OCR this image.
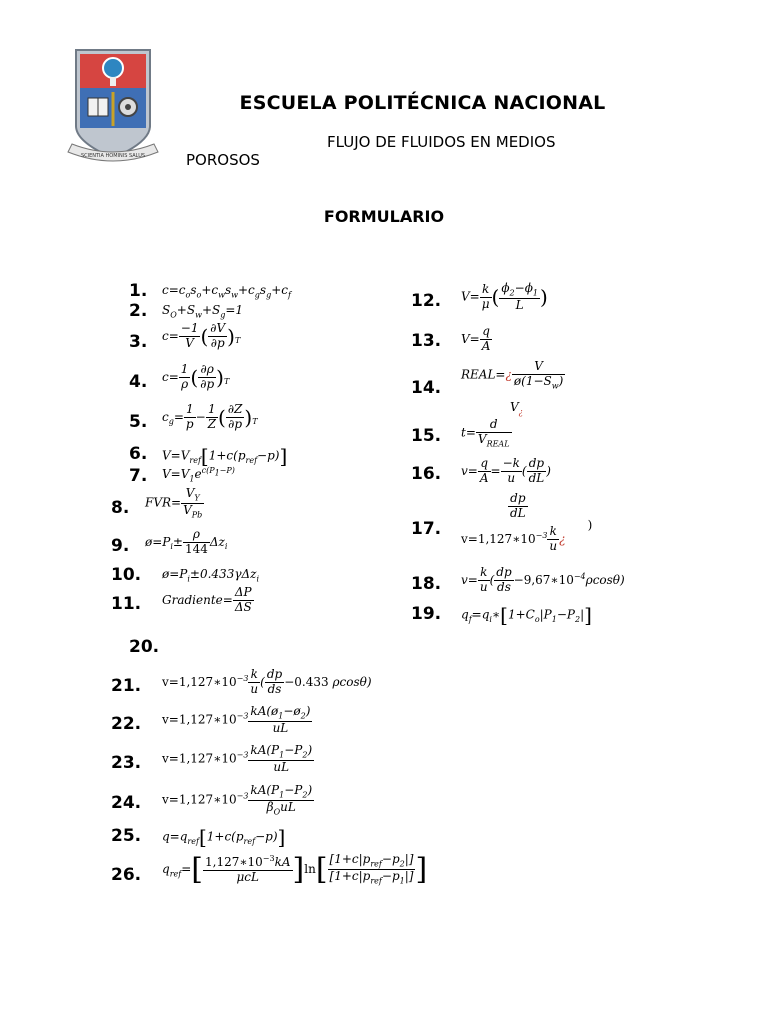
SCIENTIA HOMINIS SALUS
ESCUELA POLITÉCNICA NACIONAL
FLUJO DE FLUIDOS EN MEDIOS
POROSOS
FORMULARIO
1. $c=c_os_o+c_ws_w+c_gs_g+c_f$
2. $S_O+S_w+S_g=1$
3. $c= \frac{-1}{V}$ ( $\frac{\partial V}{\partial p} )_T$
4. $c= \frac{1}{\rho}$ ( $\frac{\partial\rho}{\partial p} )_T$
5. $c_g= \frac{1}{p} - \frac{1}{Z}$ ( $\frac{\partial Z}{\partial p} )_T$
6. $V=V_{ref}[1+c(p_{ref}-p)]$
7. $V=V_1e^{c(P_1-P)}$
8. FVR=
$V_Y$
$V_{Pb}$
9. $ø=P_i\pm \frac{\rho}{144} \Delta z_i$
10. $ø=P_i\pm 0.433\gamma\Delta z_i$
11. Gradiente= $\frac{\Delta P}{\Delta S}$
12. $V= \frac{k}{\mu}$ ( $\frac{\phi_2-\phi_1}{L}$ )
13. $V= \frac{q}{A}$
14.
REAL=¿ $\frac{V}{ø(1-S_w)}$
$V_¿$
15. t=
d
$V_{REAL}$
16. $v= \frac{q}{A} = \frac{-k}{u}$ ( $\frac{dp}{dL}$ )
$\frac{dp}{dL}$
17. $v=1,127∗10^{-3} \frac{k}{u}$ ¿)
18. $v= \frac{k}{u}$ ( $\frac{dp}{ds}$ $-9,67∗10^{-4}\rho\cos\theta$)
19. $q_f=q_i∗[1+C_o|P_1-P_2|]$
20.
21. $v=1,127∗10^{-3} \frac{k}{u}$ ( $\frac{dp}{ds} -0.433$ ρcosθ)
22. $v=1,127∗10^{-3} \frac{kA(ø_1-ø_2)}{uL}$
23. $v=1,127∗10^{-3} \frac{kA(P_1-P_2)}{uL}$
24. $v=1,127∗10^{-3}$ $kA(P_1-P_2)$
$\beta_OuL$
25. $q=q_{ref}[1+c(p_{ref}-p)]$
26. $q_{ref}=$[ $1,127∗10^{-3}kA$
μcL	]ln[ $[1+c|p_{ref}-p_2|]$
$[1+c|p_{ref}-p_1|]$ ]
